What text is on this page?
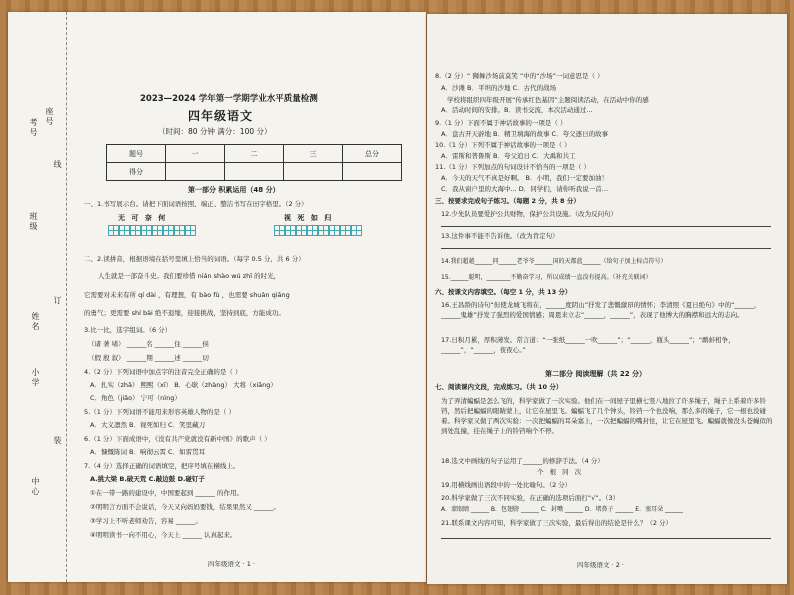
考号
座号
线
班级
订
姓名
小学
装
中心
2023—2024 学年第一学期学业水平质量检测
四年级语文
（时间：80 分钟 满分：100 分）
题号	一	二	三	总分
得分				
第一部分 积累运用（48 分）
一、1.书写展示台。请把下面词语按照、端正、整洁书写在田字格里。（2 分）
无 可 奈 何	视 死 如 归
二、2.读拼音，根据语境在括号里填上恰当的词语。（每字 0.5 分，共 6 分）
人生就是一部奋斗史。我们要珍惜 nián shào wú zhī 的时光，
它需要对未来有所 qí dài ，有理想，有 bào fù ，也需要 shuān qiāng
的勇气；更需要 shí bài 绝不退缩，迎接挑战，坚持到底，方能成功。
3.比一比，选字组词。（6 分）
（诸 著 堵） ______名 ______住 ______侯
（假 殷 叙） ______期 ______述 ______切
4.（2 分）下列词语中加点字的注音完全正确的是（ ）
A．扎实（zhā） 熙熙（xī） B．心耿（zhàng） 大将（xiāng）
C．角色（jiǎo） 宁可（nìng）
5.（1 分）下列词语不能用来形容英雄人物的是（ ）
A．大义凛然 B．视死如归 C．笑里藏刀
6.（1 分）下面成语中，《没有共产党就没有新中国》的歌声（ ）
A．慷慨陈词 B．响彻云霄 C．如雷贯耳
7.（4 分）选择正确的词语填空，把序号填在横线上。
A.挑大梁 B.破天荒 C.敲边鼓 D.碰钉子
①在一带一路的建设中，中国要起到 ______ 的作用。
②明明言方面不会说话，今天又向妈妈要钱，结果果然又 ______。
③学习上不听老师劝告，容易 ______。
④明明读书一向不用心，今天上 ______ 认真起来。
四年级语文 · 1 ·
8.（2 分）“ 狮舞沙场前莫笑 ”中的“沙场”一词意思是（ ）
A．沙滩 B．平坦的沙地 C．古代的战场
学校将组织四年级开展“传承红色基因”主题阅读活动，在活动中你的感
A．活动时间的安排。B．读书交流，本次活动通过...
9.（1 分）下面不属于神话故事的一项是（ ）
A．盘古开天辟地 B．精卫填海的故事 C．夸父逐日的故事
10.（1 分）下列不属于神话故事的一项是（ ）
A．雷斯和普鲁斯 B．夸父追日 C．大禹和共工
11.（1 分）下列加点的句词设计不恰当的一项是（ ）
A．今天的天气不真是好啊。 B．小明，我们一定要加油！
C．我从窗户里的大海中... D．同学们，请你听我说一首...
三、按要求完成句子练习。（每题 2 分，共 8 分）
12.少先队员要爱护公共财物，保护公共设施。（改为反问句）
13.这件事不能不告诉他。（改为肯定句）
14.我们超越______同______老爷爷______国的天都蓝______（给句子加上标点符号）
15.______聪明，________不勤奋学习，所以成绩一直没有提高。（补充关联词）
六、按课文内容填空。（每空 1 分，共 13 分）
16.王昌龄的诗句“但使龙城飞将在，______度阴山”抒发了悲慨激昂的情怀；李清照《夏日绝句》中的“______，______鬼雄”抒发了强烈的爱国情感；周恩来立志“______，______”，表现了他博大的胸襟和远大的志向。
17.日积月累，厚积薄发。常言道：“一张纸______一吹______”；“______，瓶头______”；“鹬蚌相争，______”，“______，夜夜心。”
第二部分 阅读理解（共 22 分）
七、阅读课内文段，完成练习。（共 10 分）
为了弄清蝙蝠是怎么飞的，科学家做了一次实验。他们在一间屋子里横七竖八地拉了许多绳子，绳子上系着许多铃铛，然后把蝙蝠的眼睛蒙上，让它在屋里飞。蝙蝠飞了几个钟头，铃铛一个也没响，那么多的绳子，它一根也没碰着。科学家又做了两次实验：一次把蝙蝠的耳朵塞上，一次把蝙蝠的嘴封住，让它在屋里飞。蝙蝠就像没头苍蝇似的到处乱撞，挂在绳子上的铃铛响个不停。
18.选文中画线的句子运用了______的修辞手法。（4 分）
个 根 同 次
19.用横线画出语段中的一处比喻句。（2 分）
20.科学家做了三次不同实验，在正确的选项后面打“√”。（3）
A．蒙眼睛 ______ B．包翅膀 ______ C．封嘴 ______ D．堵鼻子 ______ E．塞耳朵 ______
21.联系课文内容可知，科学家做了三次实验，最后得出的结论是什么？（2 分）
四年级语文 · 2 ·
